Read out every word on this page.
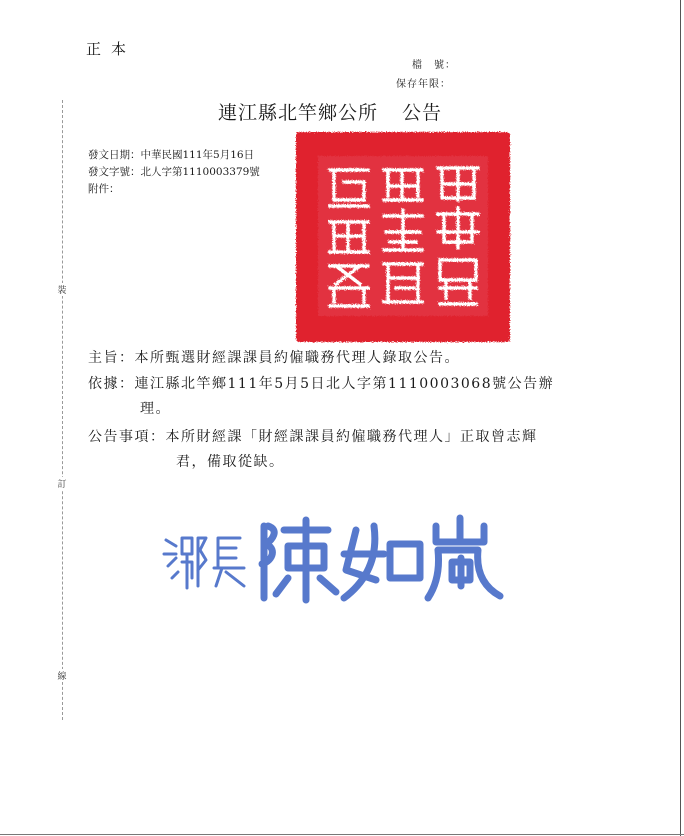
正本
檔　號：
保存年限：
連江縣北竿鄉公所 公告
裝
訂
線
發文日期：中華民國111年5月16日
發文字號：北人字第1110003379號
附件：
主旨：本所甄選財經課課員約僱職務代理人錄取公告。
依據：連江縣北竿鄉111年5月5日北人字第1110003068號公告辦
理。
公告事項：本所財經課「財經課課員約僱職務代理人」正取曾志輝
君，備取從缺。
